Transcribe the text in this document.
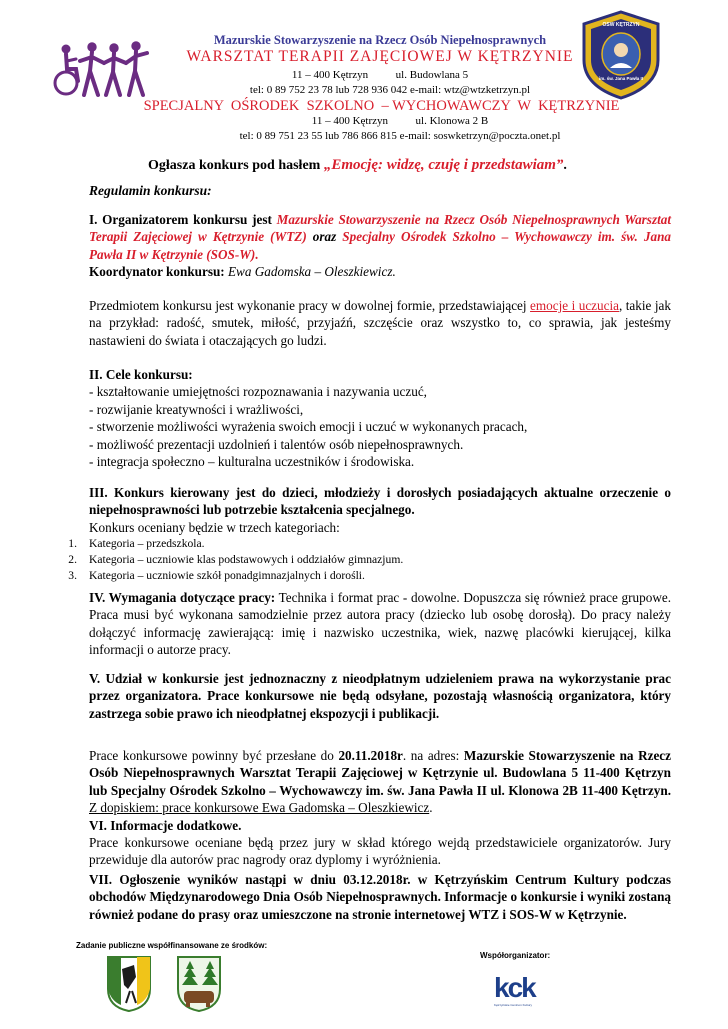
Mazurskie Stowarzyszenie na Rzecz Osób Niepełnosprawnych
WARSZTAT TERAPII ZAJĘCIOWEJ W KĘTRZYNIE
11 – 400 Kętrzyn          ul. Budowlana 5
tel: 0 89 752 23 78 lub 728 936 042 e-mail: wtz@wtzketrzyn.pl
SPECJALNY  OŚRODEK  SZKOLNO  – WYCHOWAWCZY  W  KĘTRZYNIE
11 – 400 Kętrzyn          ul. Klonowa 2 B
tel: 0 89 751 23 55 lub 786 866 815 e-mail: soswketrzyn@poczta.onet.pl
OSW KĘTRZYN
im. św. Jana Pawła II
Ogłasza konkurs pod hasłem „Emocję: widzę, czuję i przedstawiam”.
Regulamin konkursu:

I. Organizatorem konkursu jest Mazurskie Stowarzyszenie na Rzecz Osób Niepełnosprawnych Warsztat Terapii Zajęciowej w Kętrzynie (WTZ) oraz Specjalny Ośrodek Szkolno – Wychowawczy im. św. Jana Pawła II w Kętrzynie (SOS-W).

Koordynator konkursu: Ewa Gadomska – Oleszkiewicz.

Przedmiotem konkursu jest wykonanie pracy w dowolnej formie, przedstawiającej emocje i uczucia, takie jak na przykład: radość, smutek, miłość, przyjaźń, szczęście oraz wszystko to, co sprawia, jak jesteśmy nastawieni do świata i otaczających go ludzi.

II. Cele konkursu:

- kształtowanie umiejętności rozpoznawania i nazywania uczuć,

- rozwijanie kreatywności i wrażliwości,

- stworzenie możliwości wyrażenia swoich emocji i uczuć w wykonanych pracach,

- możliwość prezentacji uzdolnień i talentów osób niepełnosprawnych.

- integracja społeczno – kulturalna uczestników i środowiska.

III. Konkurs kierowany jest do dzieci, młodzieży i dorosłych posiadających aktualne orzeczenie o niepełnosprawności lub potrzebie kształcenia specjalnego.

Konkurs oceniany będzie w trzech kategoriach:

1. Kategoria – przedszkola.
2. Kategoria – uczniowie klas podstawowych i oddziałów gimnazjum.
3. Kategoria – uczniowie szkół ponadgimnazjalnych i dorośli.

IV. Wymagania dotyczące pracy: Technika i format prac - dowolne. Dopuszcza się również prace grupowe. Praca musi być wykonana samodzielnie przez autora pracy (dziecko lub osobę dorosłą). Do pracy należy dołączyć informację zawierającą: imię i nazwisko uczestnika, wiek, nazwę placówki kierującej, kilka informacji o autorze pracy.

V. Udział w konkursie jest jednoznaczny z nieodpłatnym udzieleniem prawa na wykorzystanie prac przez organizatora. Prace konkursowe nie będą odsyłane, pozostają własnością organizatora, który zastrzega sobie prawo ich nieodpłatnej ekspozycji i publikacji.

Prace konkursowe powinny być przesłane do 20.11.2018r. na adres: Mazurskie Stowarzyszenie na Rzecz Osób Niepełnosprawnych Warsztat Terapii Zajęciowej w Kętrzynie ul. Budowlana 5 11-400 Kętrzyn lub Specjalny Ośrodek Szkolno – Wychowawczy im. św. Jana Pawła II ul. Klonowa 2B 11-400 Kętrzyn. Z dopiskiem: prace konkursowe Ewa Gadomska – Oleszkiewicz.

VI. Informacje dodatkowe.

Prace konkursowe oceniane będą przez jury w skład którego wejdą przedstawiciele organizatorów. Jury przewiduje dla autorów prac nagrody oraz dyplomy i wyróżnienia.

VII. Ogłoszenie wyników nastąpi w dniu 03.12.2018r. w Kętrzyńskim Centrum Kultury podczas obchodów Międzynarodowego Dnia Osób Niepełnosprawnych. Informacje o konkursie i wyniki zostaną również podane do prasy oraz umieszczone na stronie internetowej WTZ i SOS-W w Kętrzynie.

Zadanie publiczne współfinansowane ze środków:
Współorganizator:
kck
Kętrzyńskie Centrum Kultury
